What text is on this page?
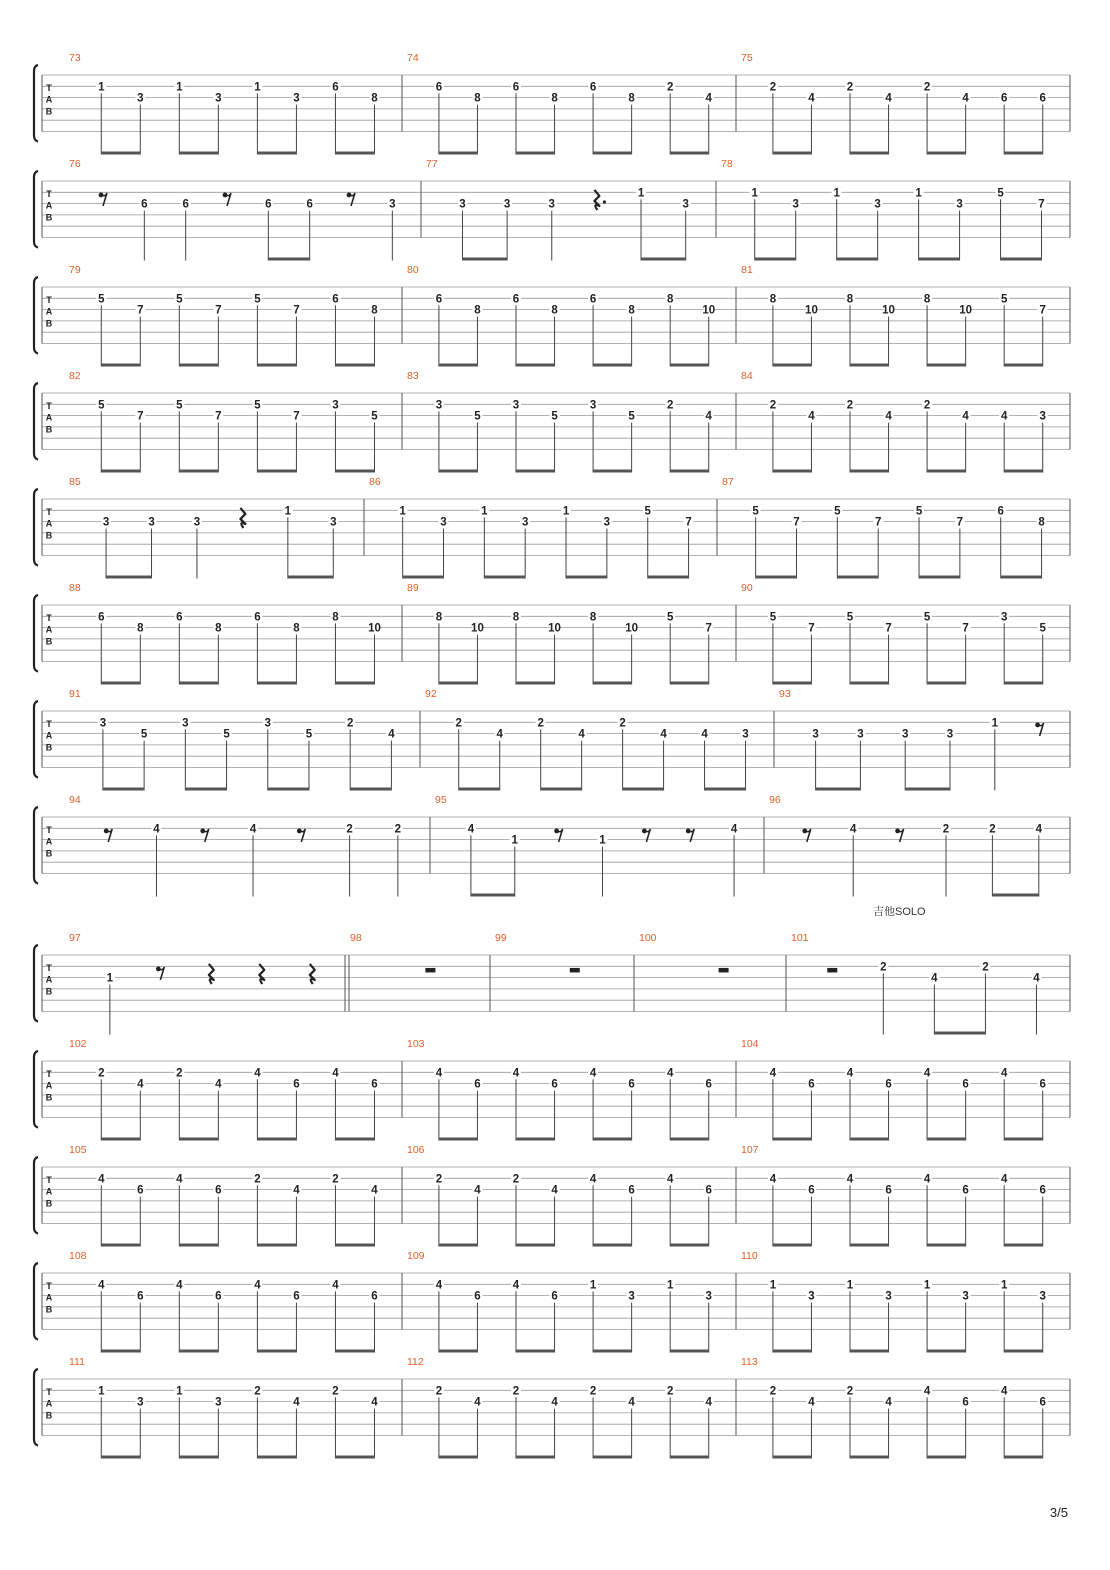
T
A
B
73
1
3
1
3
1
3
6
8
74
6
8
6
8
6
8
2
4
75
2
4
2
4
2
4	6	6
T
A
B
76
6	6	6	6	3
77
3	3	3
1
3
78
1
3
1
3
1
3
5
7
T
A
B
79
5
7
5
7
5
7
6
8
80
6
8
6
8
6
8
8
10
81
8
10
8
10
8
10
5
7
T
A
B
82
5
7
5
7
5
7
3
5
83
3
5
3
5
3
5
2
4
84
2
4
2
4
2
4	4	3
T
A
B
85
3	3	3
1
3
86
1
3
1
3
1
3
5
7
87
5
7
5
7
5
7
6
8
T
A
B
88
6
8
6
8
6
8
8
10
89
8
10
8
10
8
10
5
7
90
5
7
5
7
5
7
3
5
T
A
B
91
3
5
3
5
3
5
2
4
92
2
4
2
4
2
4	4	3
93
3	3	3	3
1
T
A
B
94
4	4	2	2
95
4
1	1
4
96
4	2	2	4
T
A
B
97
1
98	99	100	101
2
4
2
4
T
A
B
102
2
4
2
4
4
6
4
6
103
4
6
4
6
4
6
4
6
104
4
6
4
6
4
6
4
6
T
A
B
105
4
6
4
6
2
4
2
4
106
2
4
2
4
4
6
4
6
107
4
6
4
6
4
6
4
6
T
A
B
108
4
6
4
6
4
6
4
6
109
4
6
4
6
1
3
1
3
110
1
3
1
3
1
3
1
3
T
A
B
111
1
3
1
3
2
4
2
4
112
2
4
2
4
2
4
2
4
113
2
4
2
4
4
6
4
6
吉他SOLO
3/5
